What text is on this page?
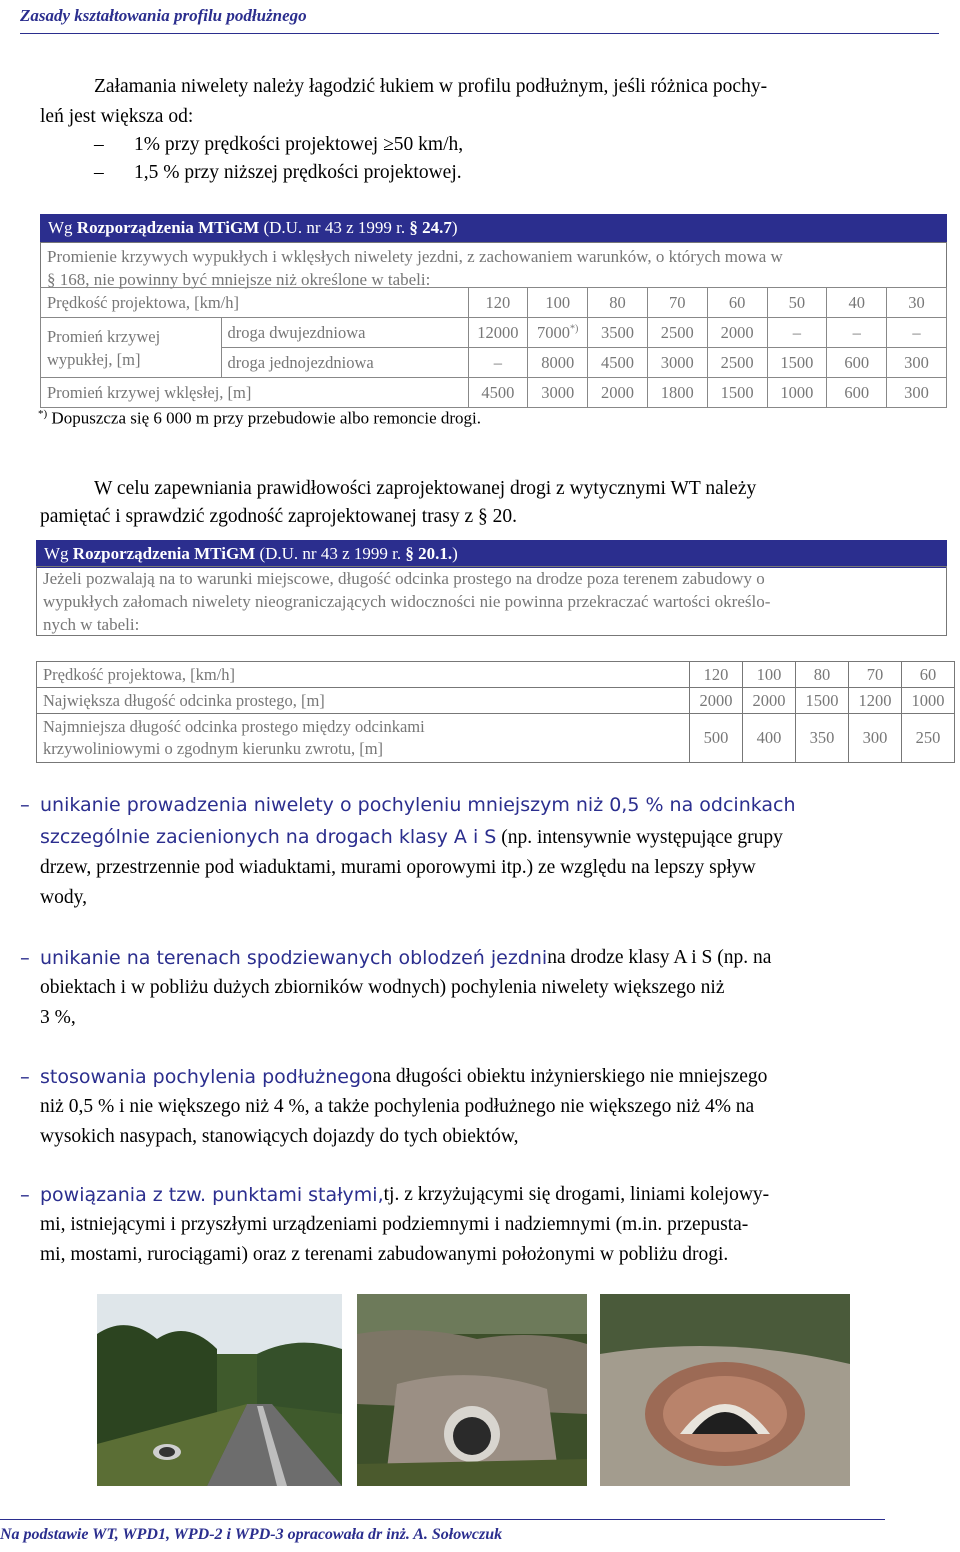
Zasady kształtowania profilu podłużnego
Załamania niwelety należy łagodzić łukiem w profilu podłużnym, jeśli różnica pochy-
leń jest większa od:
–	1% przy prędkości projektowej ≥50 km/h,
–	1,5 % przy niższej prędkości projektowej.
Wg Rozporządzenia MTiGM (D.U. nr 43 z 1999 r. § 24.7)
Promienie krzywych wypukłych i wklęsłych niwelety jezdni, z zachowaniem warunków, o których mowa w
§ 168, nie powinny być mniejsze niż określone w tabeli:
Prędkość projektowa, [km/h]		120	100	80	70	60	50	40	30
Promień krzywej wypukłej, [m]	droga dwujezdniowa	12000	7000*)	3500	2500	2000	–	–	–
	droga jednojezdniowa	–	8000	4500	3000	2500	1500	600	300
Promień krzywej wklęsłej, [m]		4500	3000	2000	1800	1500	1000	600	300
*) Dopuszcza się 6 000 m przy przebudowie albo remoncie drogi.
W celu zapewniania prawidłowości zaprojektowanej drogi z wytycznymi WT należy
pamiętać i sprawdzić zgodność zaprojektowanej trasy z § 20.
Wg Rozporządzenia MTiGM (D.U. nr 43 z 1999 r. § 20.1.)
Jeżeli pozwalają na to warunki miejscowe, długość odcinka prostego na drodze poza terenem zabudowy o
wypukłych załomach niwelety nieograniczających widoczności nie powinna przekraczać wartości określo-
nych w tabeli:
Prędkość projektowa, [km/h]	120	100	80	70	60
Największa długość odcinka prostego, [m]	2000	2000	1500	1200	1000

Najmniejsza długość odcinka prostego między odcinkami
krzywoliniowymi o zgodnym kierunku zwrotu, [m]	500	400	350	300	250
– unikanie prowadzenia niwelety o pochyleniu mniejszym niż 0,5 % na odcinkach
szczególnie zacienionych na drogach klasy A i S (np. intensywnie występujące grupy
drzew, przestrzennie pod wiaduktami, murami oporowymi itp.) ze względu na lepszy spływ
wody,
– unikanie na terenach spodziewanych oblodzeń jezdni na drodze klasy A i S (np. na
obiektach i w pobliżu dużych zbiorników wodnych) pochylenia niwelety większego niż
3 %,
– stosowania pochylenia podłużnego na długości obiektu inżynierskiego nie mniejszego
niż 0,5 % i nie większego niż 4 %, a także pochylenia podłużnego nie większego niż 4% na
wysokich nasypach, stanowiących dojazdy do tych obiektów,
– powiązania z tzw. punktami stałymi, tj. z krzyżującymi się drogami, liniami kolejowy-
mi, istniejącymi i przyszłymi urządzeniami podziemnymi i nadziemnymi (m.in. przepusta-
mi, mostami, rurociągami) oraz z terenami zabudowanymi położonymi w pobliżu drogi.
Na podstawie WT, WPD1, WPD-2 i WPD-3 opracowała dr inż. A. Sołowczuk
